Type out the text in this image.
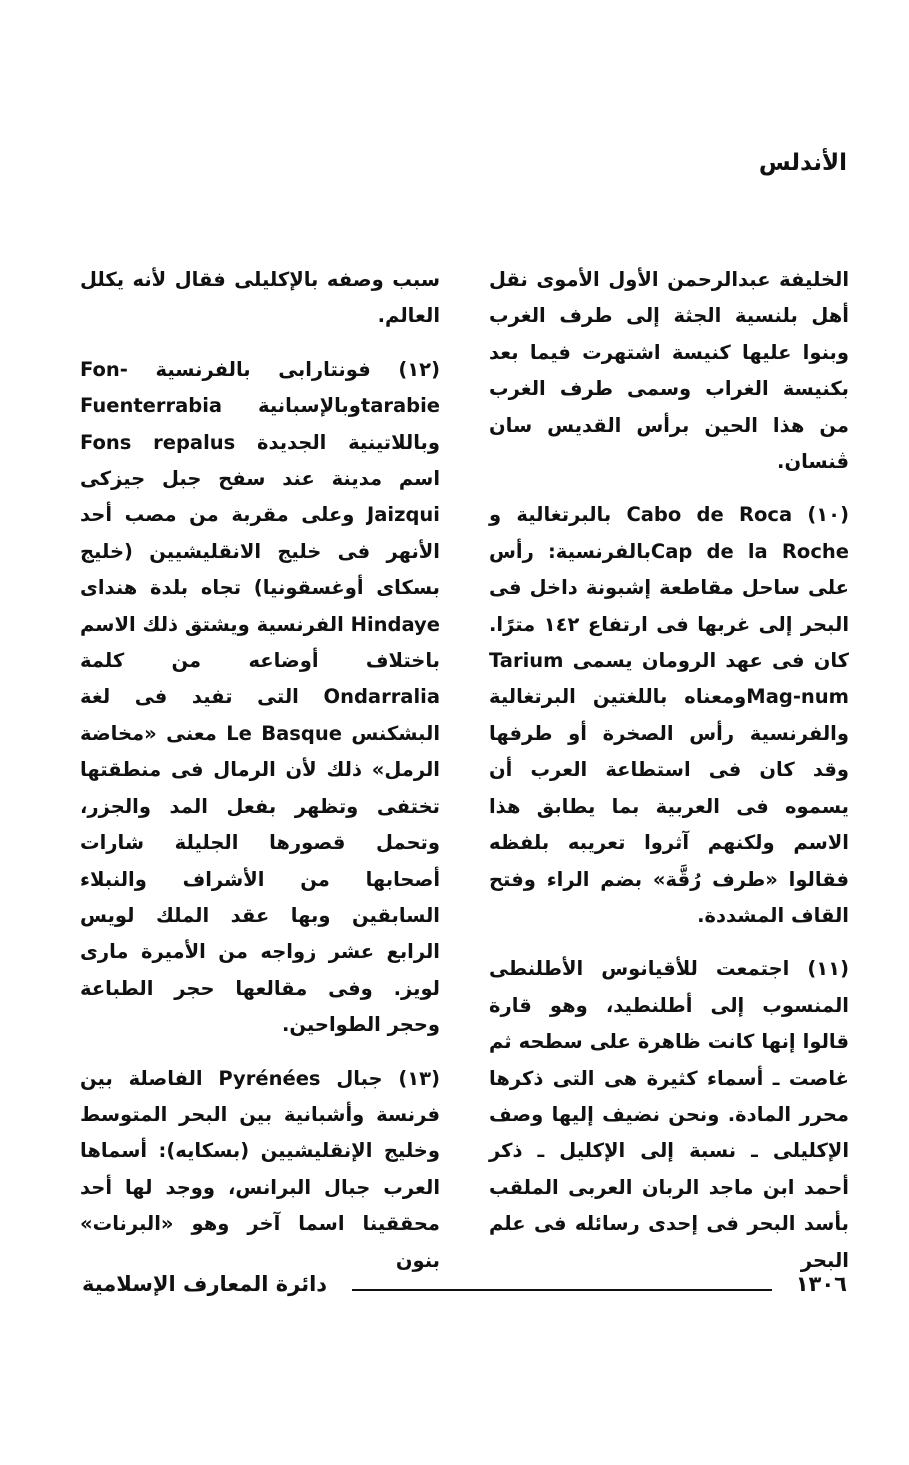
الأندلس

الخليفة عبدالرحمن الأول الأموى نقل أهل بلنسية الجثة إلى طرف الغرب وبنوا عليها كنيسة اشتهرت فيما بعد بكنيسة الغراب وسمى طرف الغرب من هذا الحين برأس القديس سان ڤنسان.

(١٠) Cabo de Roca بالبرتغالية و Cap de la Rocheبالفرنسية: رأس على ساحل مقاطعة إشبونة داخل فى البحر إلى غربها فى ارتفاع ١٤٢ مترًا. كان فى عهد الرومان يسمى Tarium Mag-numومعناه باللغتين البرتغالية والفرنسية رأس الصخرة أو طرفها وقد كان فى استطاعة العرب أن يسموه فى العربية بما يطابق هذا الاسم ولكنهم آثروا تعريبه بلفظه فقالوا «طرف رُقَّة» بضم الراء وفتح القاف المشددة.

(١١) اجتمعت للأقيانوس الأطلنطى المنسوب إلى أطلنطيد، وهو قارة قالوا إنها كانت ظاهرة على سطحه ثم غاصت ـ أسماء كثيرة هى التى ذكرها محرر المادة. ونحن نضيف إليها وصف الإكليلى ـ نسبة إلى الإكليل ـ ذكر أحمد ابن ماجد الربان العربى الملقب بأسد البحر فى إحدى رسائله فى علم البحر

سبب وصفه بالإكليلى فقال لأنه يكلل العالم.

(١٢) فونتارابى بالفرنسية Fon-tarabieوبالإسبانية Fuenterrabia وباللاتينية الجديدة Fons repalus اسم مدينة عند سفح جبل جيزكى Jaizqui وعلى مقربة من مصب أحد الأنهر فى خليج الانقليشيين (خليج بسكاى أوغسقونيا) تجاه بلدة هنداى Hindaye الفرنسية ويشتق ذلك الاسم باختلاف أوضاعه من كلمة Ondarralia التى تفيد فى لغة البشكنس Le Basque معنى «مخاضة الرمل» ذلك لأن الرمال فى منطقتها تختفى وتظهر بفعل المد والجزر، وتحمل قصورها الجليلة شارات أصحابها من الأشراف والنبلاء السابقين وبها عقد الملك لويس الرابع عشر زواجه من الأميرة مارى لويز. وفى مقالعها حجر الطباعة وحجر الطواحين.

(١٣) جبال Pyrénées الفاصلة بين فرنسة وأشبانية بين البحر المتوسط وخليج الإنقليشيين (بسكايه): أسماها العرب جبال البرانس، ووجد لها أحد محققينا اسما آخر وهو «البرنات» بنون

١٣٠٦
دائرة المعارف الإسلامية
